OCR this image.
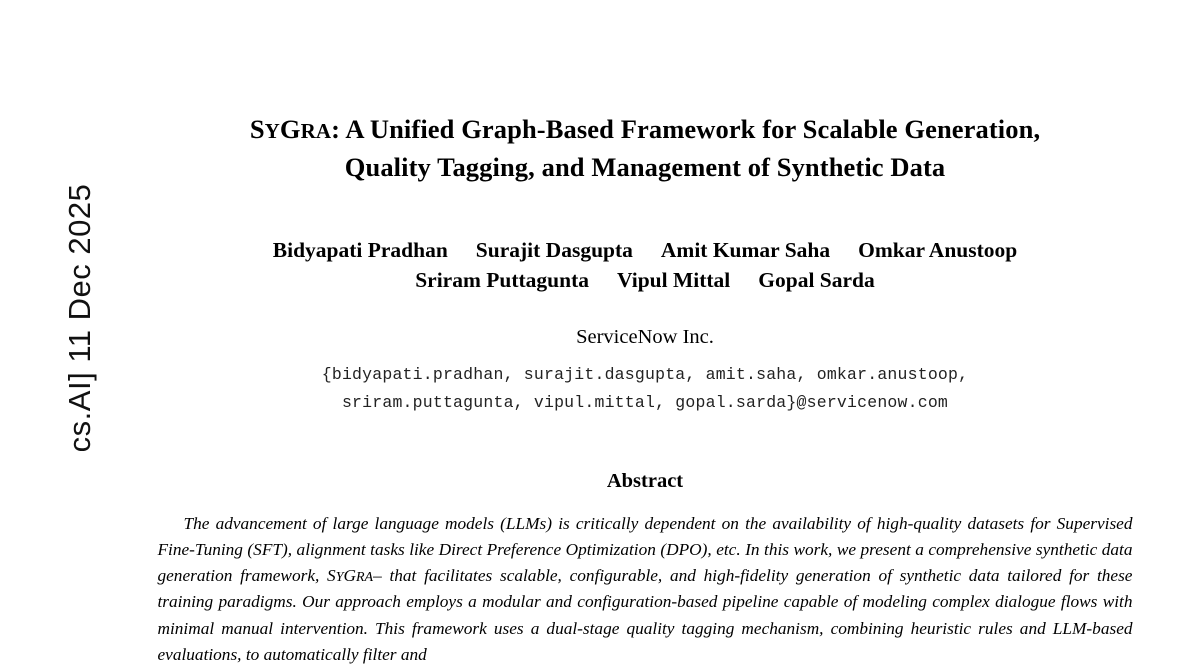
cs.AI] 11 Dec 2025
SYGRA: A Unified Graph-Based Framework for Scalable Generation,
Quality Tagging, and Management of Synthetic Data
Bidyapati Pradhan Surajit Dasgupta Amit Kumar Saha Omkar Anustoop
Sriram Puttagunta Vipul Mittal Gopal Sarda
ServiceNow Inc.
{bidyapati.pradhan, surajit.dasgupta, amit.saha, omkar.anustoop,
sriram.puttagunta, vipul.mittal, gopal.sarda}@servicenow.com
Abstract
The advancement of large language models (LLMs) is critically dependent on the availability of high-quality datasets for Supervised Fine-Tuning (SFT), alignment tasks like Direct Preference Optimization (DPO), etc. In this work, we present a comprehensive synthetic data generation framework, SYGRA– that facilitates scalable, configurable, and high-fidelity generation of synthetic data tailored for these training paradigms. Our approach employs a modular and configuration-based pipeline capable of modeling complex dialogue flows with minimal manual intervention. This framework uses a dual-stage quality tagging mechanism, combining heuristic rules and LLM-based evaluations, to automatically filter and
